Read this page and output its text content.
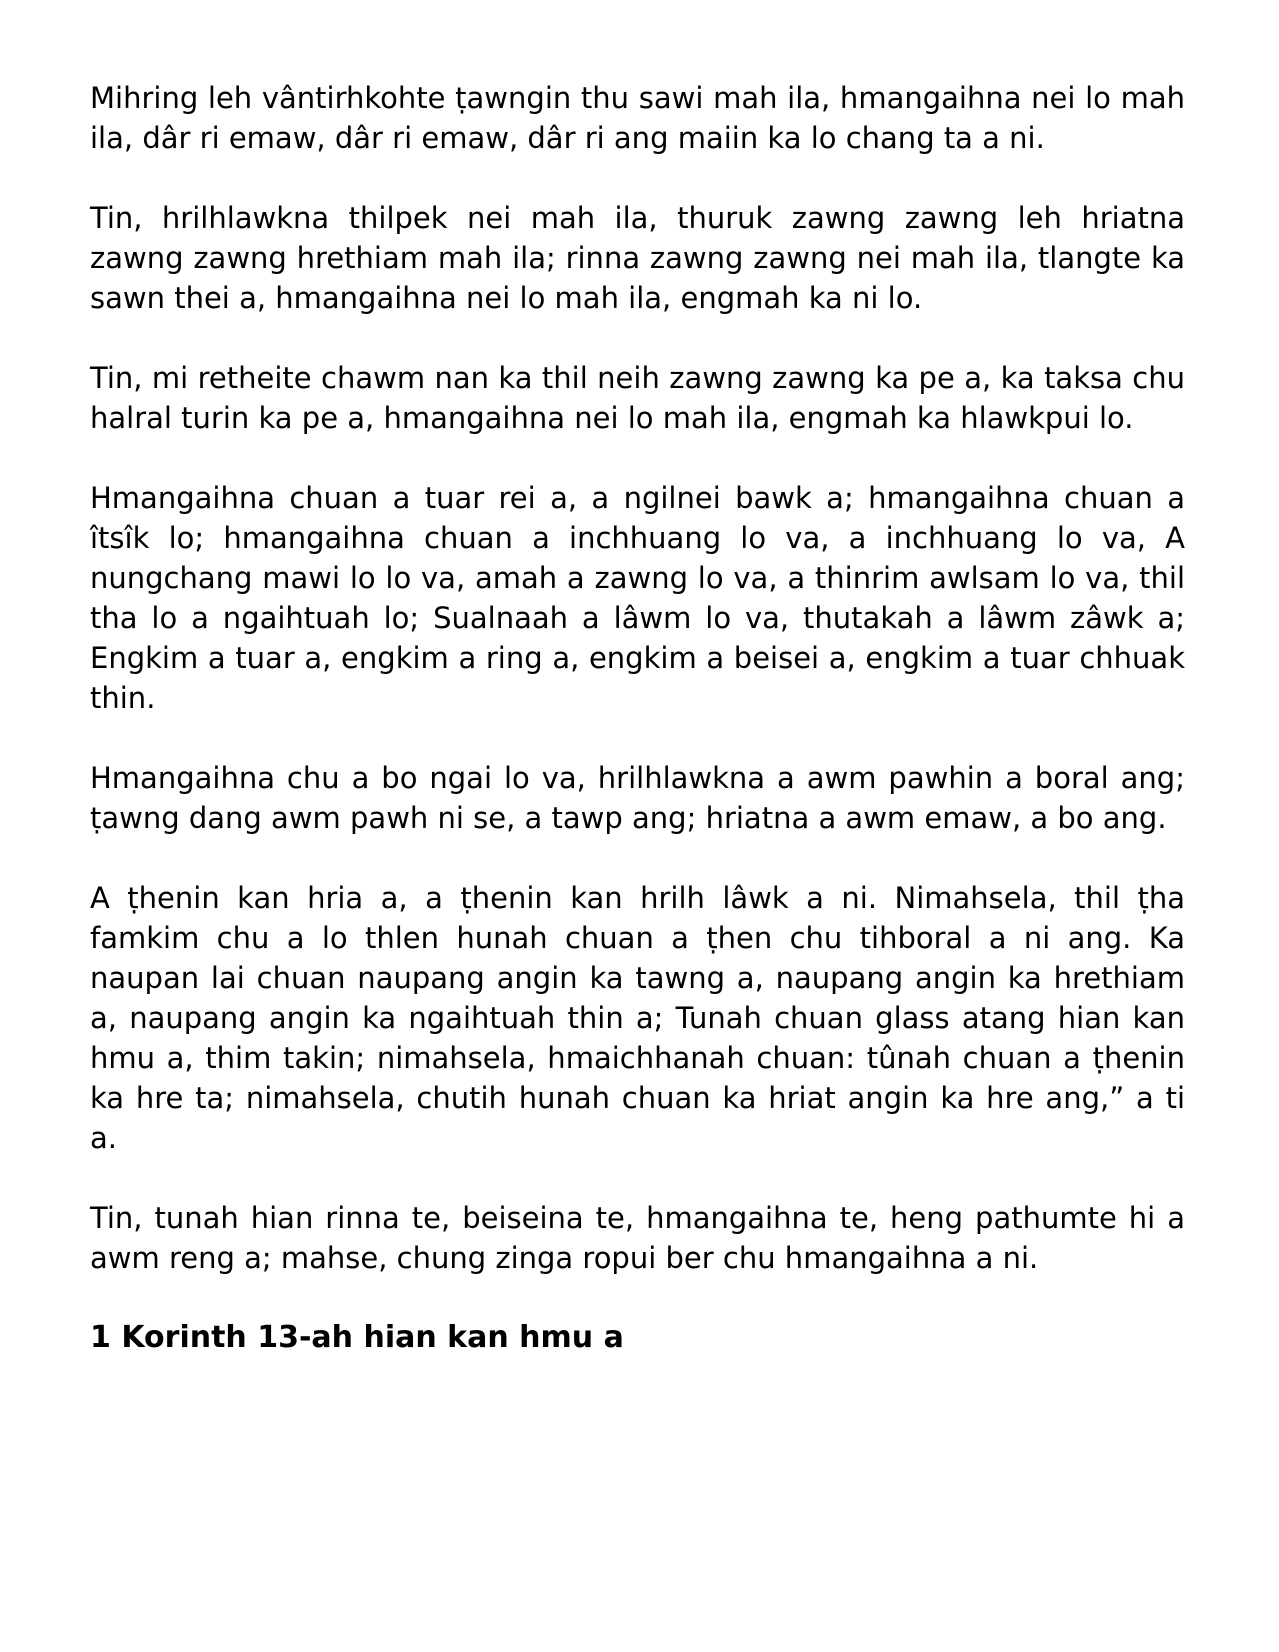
Mihring leh vântirhkohte ṭawngin thu sawi mah ila, hmangaihna nei lo mah ila, dâr ri emaw, dâr ri emaw, dâr ri ang maiin ka lo chang ta a ni.

Tin, hrilhlawkna thilpek nei mah ila, thuruk zawng zawng leh hriatna zawng zawng hrethiam mah ila; rinna zawng zawng nei mah ila, tlangte ka sawn thei a, hmangaihna nei lo mah ila, engmah ka ni lo.

Tin, mi retheite chawm nan ka thil neih zawng zawng ka pe a, ka taksa chu halral turin ka pe a, hmangaihna nei lo mah ila, engmah ka hlawkpui lo.

Hmangaihna chuan a tuar rei a, a ngilnei bawk a; hmangaihna chuan a îtsîk lo; hmangaihna chuan a inchhuang lo va, a inchhuang lo va, A nungchang mawi lo lo va, amah a zawng lo va, a thinrim awlsam lo va, thil tha lo a ngaihtuah lo; Sualnaah a lâwm lo va, thutakah a lâwm zâwk a; Engkim a tuar a, engkim a ring a, engkim a beisei a, engkim a tuar chhuak thin.

Hmangaihna chu a bo ngai lo va, hrilhlawkna a awm pawhin a boral ang; ṭawng dang awm pawh ni se, a tawp ang; hriatna a awm emaw, a bo ang.

A ṭhenin kan hria a, a ṭhenin kan hrilh lâwk a ni. Nimahsela, thil ṭha famkim chu a lo thlen hunah chuan a ṭhen chu tihboral a ni ang. Ka naupan lai chuan naupang angin ka tawng a, naupang angin ka hrethiam a, naupang angin ka ngaihtuah thin a; Tunah chuan glass atang hian kan hmu a, thim takin; nimahsela, hmaichhanah chuan: tûnah chuan a ṭhenin ka hre ta; nimahsela, chutih hunah chuan ka hriat angin ka hre ang,” a ti a.

Tin, tunah hian rinna te, beiseina te, hmangaihna te, heng pathumte hi a awm reng a; mahse, chung zinga ropui ber chu hmangaihna a ni.

1 Korinth 13-ah hian kan hmu a
